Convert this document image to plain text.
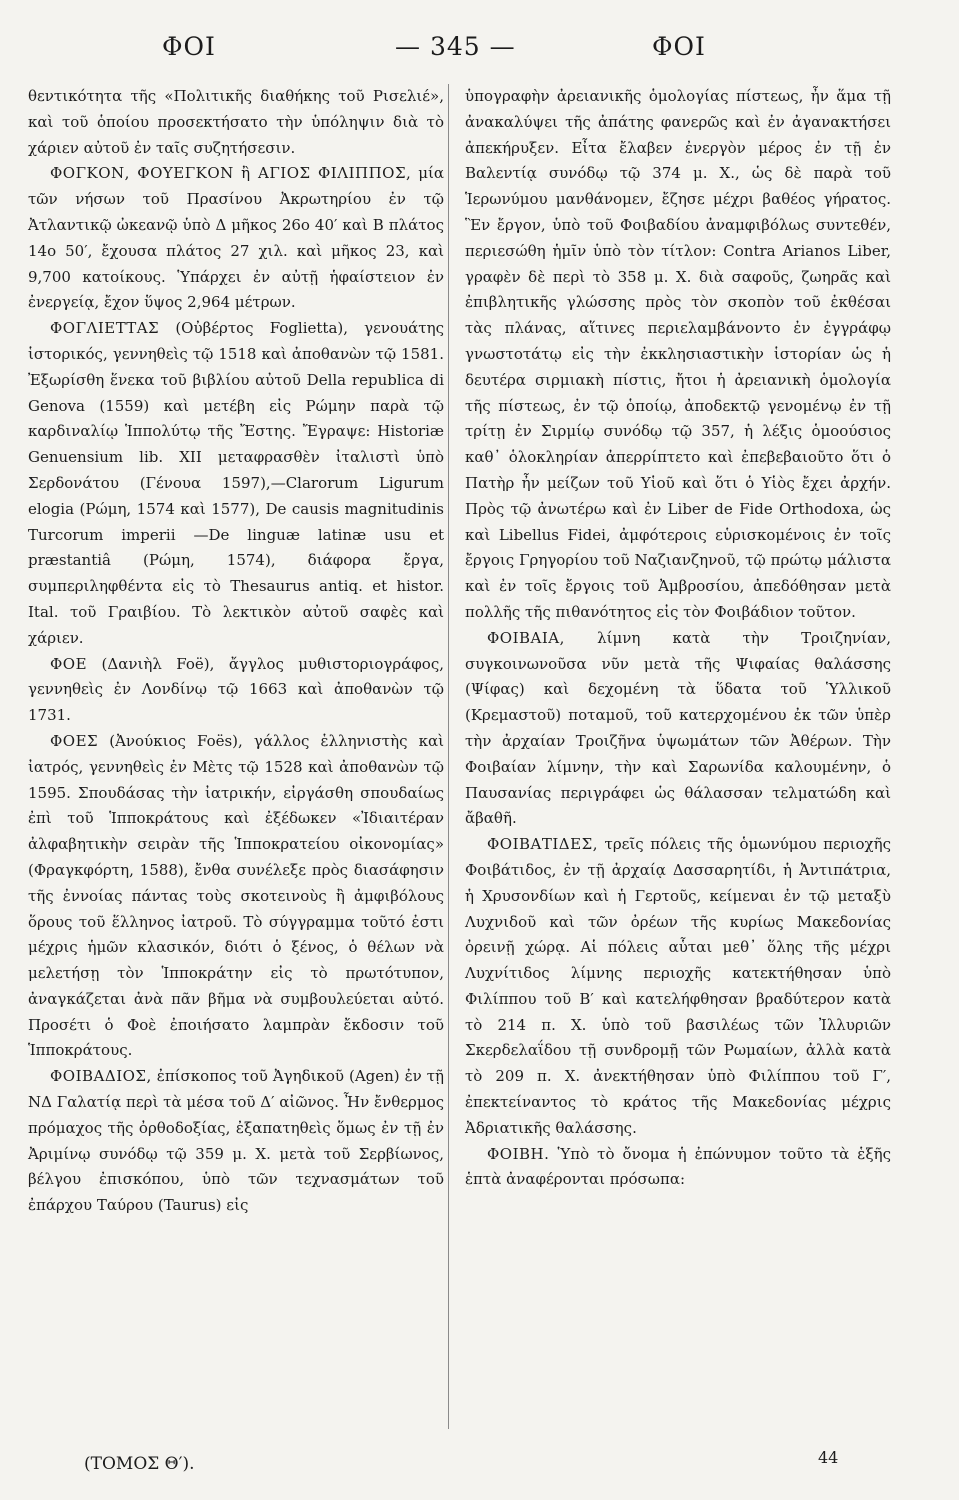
ΦΟΙ	— 345 —	ΦΟΙ

θεντικότητα τῆς «Πολιτικῆς διαθήκης τοῦ Ρισελιέ», καὶ τοῦ ὁποίου προσεκτήσατο τὴν ὑπόληψιν διὰ τὸ χάριεν αὐτοῦ ἐν ταῖς συζητήσεσιν.

ΦΟΓΚΟΝ, ΦΟΥΕΓΚΟΝ ἢ ΑΓΙΟΣ ΦΙΛΙΠΠΟΣ, μία τῶν νήσων τοῦ Πρασίνου Ἀκρωτηρίου ἐν τῷ Ἀτλαντικῷ ὠκεανῷ ὑπὸ Δ μῆκος 26ο 40′ καὶ Β πλάτος 14ο 50′, ἔχουσα πλάτος 27 χιλ. καὶ μῆκος 23, καὶ 9,700 κατοίκους. Ὑπάρχει ἐν αὐτῇ ἡφαίστειον ἐν ἐνεργείᾳ, ἔχον ὕψος 2,964 μέτρων.

ΦΟΓΛΙΕΤΤΑΣ (Οὐβέρτος Foglietta), γενουάτης ἱστορικός, γεννηθεὶς τῷ 1518 καὶ ἀποθανὼν τῷ 1581. Ἐξωρίσθη ἕνεκα τοῦ βιβλίου αὐτοῦ Della republica di Genova (1559) καὶ μετέβη εἰς Ρώμην παρὰ τῷ καρδιναλίῳ Ἱππολύτῳ τῆς Ἔστης. Ἔγραψε: Historiæ Genuensium lib. XII μεταφρασθὲν ἰταλιστὶ ὑπὸ Σερδονάτου (Γένουα 1597),—Clarorum Ligurum elogia (Ρώμη, 1574 καὶ 1577), De causis magnitudinis Turcorum imperii —De linguæ latinæ usu et præstantiâ (Ρώμη, 1574), διάφορα ἔργα, συμπεριληφθέντα εἰς τὸ Thesaurus antiq. et histor. Ital. τοῦ Γραιβίου. Τὸ λεκτικὸν αὐτοῦ σαφὲς καὶ χάριεν.

ΦΟΕ (Δανιὴλ Foë), ἄγγλος μυθιστοριογράφος, γεννηθεὶς ἐν Λονδίνῳ τῷ 1663 καὶ ἀποθανὼν τῷ 1731.

ΦΟΕΣ (Ἀνούκιος Foës), γάλλος ἑλληνιστὴς καὶ ἰατρός, γεννηθεὶς ἐν Μὲτς τῷ 1528 καὶ ἀποθανὼν τῷ 1595. Σπουδάσας τὴν ἰατρικήν, εἰργάσθη σπουδαίως ἐπὶ τοῦ Ἱπποκράτους καὶ ἐξέδωκεν «Ἰδιαιτέραν ἀλφαβητικὴν σειρὰν τῆς Ἱπποκρατείου οἰκονομίας» (Φραγκφόρτη, 1588), ἔνθα συνέλεξε πρὸς διασάφησιν τῆς ἐννοίας πάντας τοὺς σκοτεινοὺς ἢ ἀμφιβόλους ὅρους τοῦ ἕλληνος ἰατροῦ. Τὸ σύγγραμμα τοῦτό ἐστι μέχρις ἡμῶν κλασικόν, διότι ὁ ξένος, ὁ θέλων νὰ μελετήσῃ τὸν Ἱπποκράτην εἰς τὸ πρωτότυπον, ἀναγκάζεται ἀνὰ πᾶν βῆμα νὰ συμβουλεύεται αὐτό. Προσέτι ὁ Φοὲ ἐποιήσατο λαμπρὰν ἔκδοσιν τοῦ Ἱπποκράτους.

ΦΟΙΒΑΔΙΟΣ, ἐπίσκοπος τοῦ Ἀγηδικοῦ (Agen) ἐν τῇ ΝΔ Γαλατίᾳ περὶ τὰ μέσα τοῦ Δ′ αἰῶνος. Ἦν ἔνθερμος πρόμαχος τῆς ὀρθοδοξίας, ἐξαπατηθεὶς ὅμως ἐν τῇ ἐν Ἀριμίνῳ συνόδῳ τῷ 359 μ. Χ. μετὰ τοῦ Σερβίωνος, βέλγου ἐπισκόπου, ὑπὸ τῶν τεχνασμάτων τοῦ ἐπάρχου Ταύρου (Taurus) εἰς

ὑπογραφὴν ἀρειανικῆς ὁμολογίας πίστεως, ἦν ἅμα τῇ ἀνακαλύψει τῆς ἀπάτης φανερῶς καὶ ἐν ἀγανακτήσει ἀπεκήρυξεν. Εἶτα ἔλαβεν ἐνεργὸν μέρος ἐν τῇ ἐν Βαλεντίᾳ συνόδῳ τῷ 374 μ. Χ., ὡς δὲ παρὰ τοῦ Ἱερωνύμου μανθάνομεν, ἔζησε μέχρι βαθέος γήρατος. Ἓν ἔργον, ὑπὸ τοῦ Φοιβαδίου ἀναμφιβόλως συντεθέν, περιεσώθη ἡμῖν ὑπὸ τὸν τίτλον: Contra Arianos Liber, γραφὲν δὲ περὶ τὸ 358 μ. Χ. διὰ σαφοῦς, ζωηρᾶς καὶ ἐπιβλητικῆς γλώσσης πρὸς τὸν σκοπὸν τοῦ ἐκθέσαι τὰς πλάνας, αἵτινες περιελαμβάνοντο ἐν ἐγγράφῳ γνωστοτάτῳ εἰς τὴν ἐκκλησιαστικὴν ἱστορίαν ὡς ἡ δευτέρα σιρμιακὴ πίστις, ἤτοι ἡ ἀρειανικὴ ὁμολογία τῆς πίστεως, ἐν τῷ ὁποίῳ, ἀποδεκτῷ γενομένῳ ἐν τῇ τρίτῃ ἐν Σιρμίῳ συνόδῳ τῷ 357, ἡ λέξις ὁμοούσιος καθ᾿ ὁλοκληρίαν ἀπερρίπτετο καὶ ἐπεβεβαιοῦτο ὅτι ὁ Πατὴρ ἦν μείζων τοῦ Υἱοῦ καὶ ὅτι ὁ Υἱὸς ἔχει ἀρχήν. Πρὸς τῷ ἀνωτέρω καὶ ἐν Liber de Fide Orthodoxa, ὡς καὶ Libellus Fidei, ἀμφότεροις εὑρισκομένοις ἐν τοῖς ἔργοις Γρηγορίου τοῦ Ναζιανζηνοῦ, τῷ πρώτῳ μάλιστα καὶ ἐν τοῖς ἔργοις τοῦ Ἀμβροσίου, ἀπεδόθησαν μετὰ πολλῆς τῆς πιθανότητος εἰς τὸν Φοιβάδιον τοῦτον.

ΦΟΙΒΑΙΑ, λίμνη κατὰ τὴν Τροιζηνίαν, συγκοινωνοῦσα νῦν μετὰ τῆς Ψιφαίας θαλάσσης (Ψίφας) καὶ δεχομένη τὰ ὕδατα τοῦ Ὑλλικοῦ (Κρεμαστοῦ) ποταμοῦ, τοῦ κατερχομένου ἐκ τῶν ὑπὲρ τὴν ἀρχαίαν Τροιζῆνα ὑψωμάτων τῶν Ἀθέρων. Τὴν Φοιβαίαν λίμνην, τὴν καὶ Σαρωνίδα καλουμένην, ὁ Παυσανίας περιγράφει ὡς θάλασσαν τελματώδη καὶ ἄβαθῆ.

ΦΟΙΒΑΤΙΔΕΣ, τρεῖς πόλεις τῆς ὁμωνύμου περιοχῆς Φοιβάτιδος, ἐν τῇ ἀρχαίᾳ Δασσαρητίδι, ἡ Ἀντιπάτρια, ἡ Χρυσονδίων καὶ ἡ Γερτοῦς, κείμεναι ἐν τῷ μεταξὺ Λυχνιδοῦ καὶ τῶν ὀρέων τῆς κυρίως Μακεδονίας ὀρεινῇ χώρᾳ. Αἱ πόλεις αὗται μεθ᾿ ὅλης τῆς μέχρι Λυχνίτιδος λίμνης περιοχῆς κατεκτήθησαν ὑπὸ Φιλίππου τοῦ Β′ καὶ κατελήφθησαν βραδύτερον κατὰ τὸ 214 π. Χ. ὑπὸ τοῦ βασιλέως τῶν Ἰλλυριῶν Σκερδελαΐδου τῇ συνδρομῇ τῶν Ρωμαίων, ἀλλὰ κατὰ τὸ 209 π. Χ. ἀνεκτήθησαν ὑπὸ Φιλίππου τοῦ Γ′, ἐπεκτείναντος τὸ κράτος τῆς Μακεδονίας μέχρις Ἀδριατικῆς θαλάσσης.

ΦΟΙΒΗ. Ὑπὸ τὸ ὄνομα ἡ ἐπώνυμον τοῦτο τὰ ἑξῆς ἑπτὰ ἀναφέρονται πρόσωπα:

(ΤΟΜΟΣ Θ′).	44
